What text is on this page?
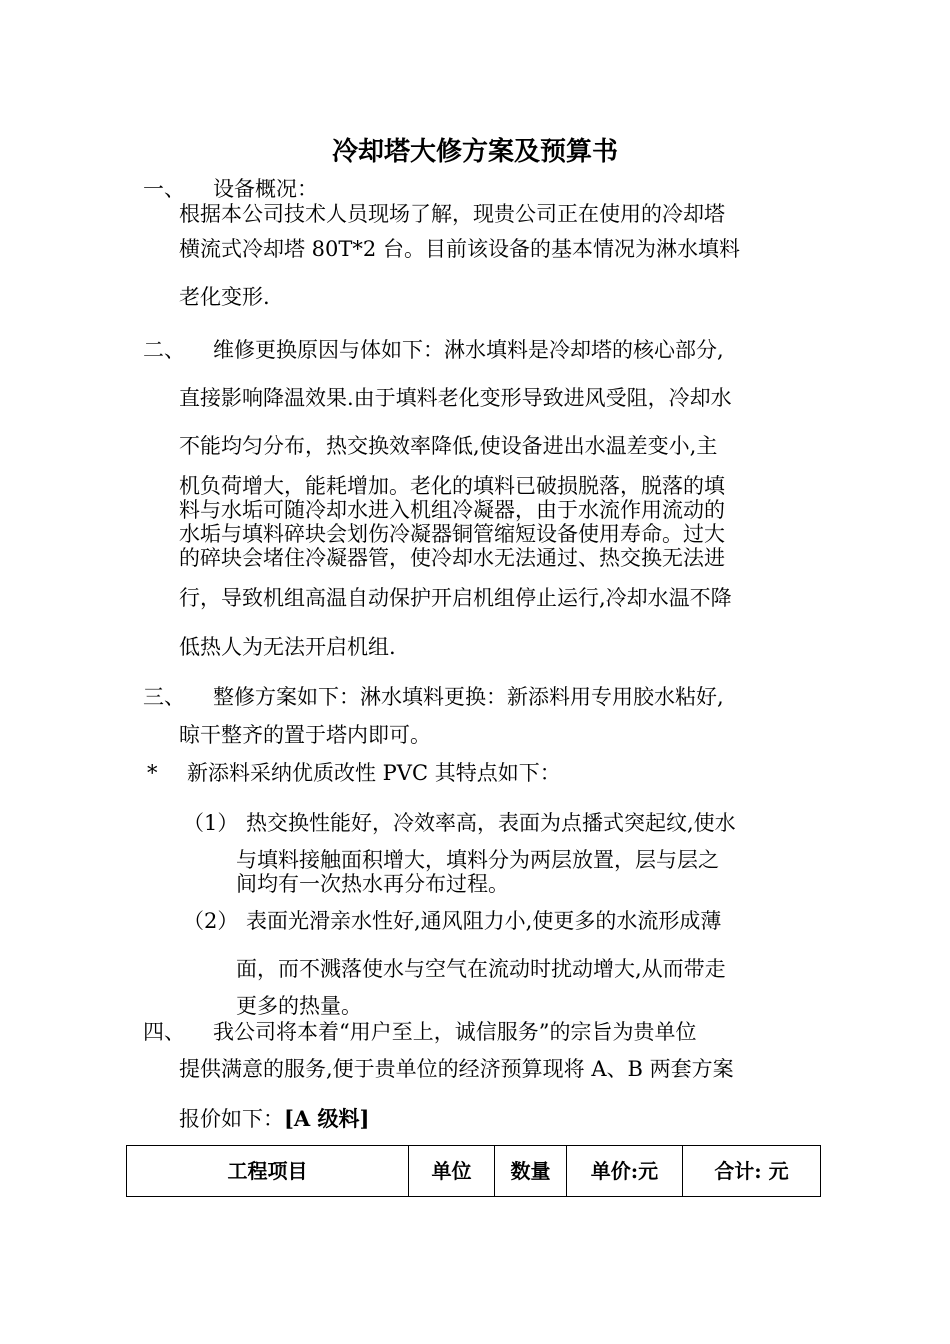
冷却塔大修方案及预算书
一、 设备概况：
根据本公司技术人员现场了解，现贵公司正在使用的冷却塔
横流式冷却塔 80T*2 台。目前该设备的基本情况为淋水填料
老化变形.
二、 维修更换原因与体如下：淋水填料是冷却塔的核心部分,
直接影响降温效果.由于填料老化变形导致进风受阻，冷却水
不能均匀分布，热交换效率降低,使设备进出水温差变小,主
机负荷增大，能耗增加。老化的填料已破损脱落，脱落的填
料与水垢可随冷却水进入机组冷凝器，由于水流作用流动的
水垢与填料碎块会划伤冷凝器铜管缩短设备使用寿命。过大
的碎块会堵住冷凝器管，使冷却水无法通过、热交换无法进
行，导致机组高温自动保护开启机组停止运行,冷却水温不降
低热人为无法开启机组.
三、 整修方案如下：淋水填料更换：新添料用专用胶水粘好,
晾干整齐的置于塔内即可。
* 新添料采纳优质改性 PVC 其特点如下：
（1） 热交换性能好，冷效率高，表面为点播式突起纹,使水
与填料接触面积增大，填料分为两层放置，层与层之
间均有一次热水再分布过程。
（2） 表面光滑亲水性好,通风阻力小,使更多的水流形成薄
面，而不溅落使水与空气在流动时扰动增大,从而带走
更多的热量。
四、 我公司将本着“用户至上，诚信服务”的宗旨为贵单位
提供满意的服务,便于贵单位的经济预算现将 A、B 两套方案
报价如下：[A 级料]
工程项目	单位	数量	单价:元	合计: 元
